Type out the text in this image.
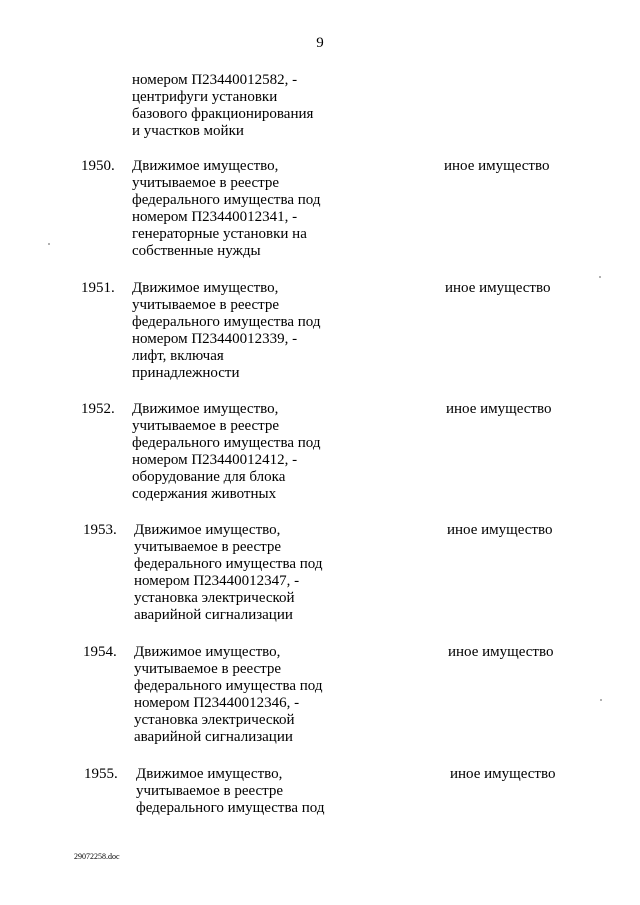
9
номером П23440012582, -
центрифуги установки
базового фракционирования
и участков мойки
1950. Движимое имущество,
учитываемое в реестре
федерального имущества под
номером П23440012341, -
генераторные установки на
собственные нужды
иное имущество
1951. Движимое имущество,
учитываемое в реестре
федерального имущества под
номером П23440012339, -
лифт, включая
принадлежности
иное имущество
1952. Движимое имущество,
учитываемое в реестре
федерального имущества под
номером П23440012412, -
оборудование для блока
содержания животных
иное имущество
1953. Движимое имущество,
учитываемое в реестре
федерального имущества под
номером П23440012347, -
установка электрической
аварийной сигнализации
иное имущество
1954. Движимое имущество,
учитываемое в реестре
федерального имущества под
номером П23440012346, -
установка электрической
аварийной сигнализации
иное имущество
1955. Движимое имущество,
учитываемое в реестре
федерального имущества под
иное имущество
29072258.doc
